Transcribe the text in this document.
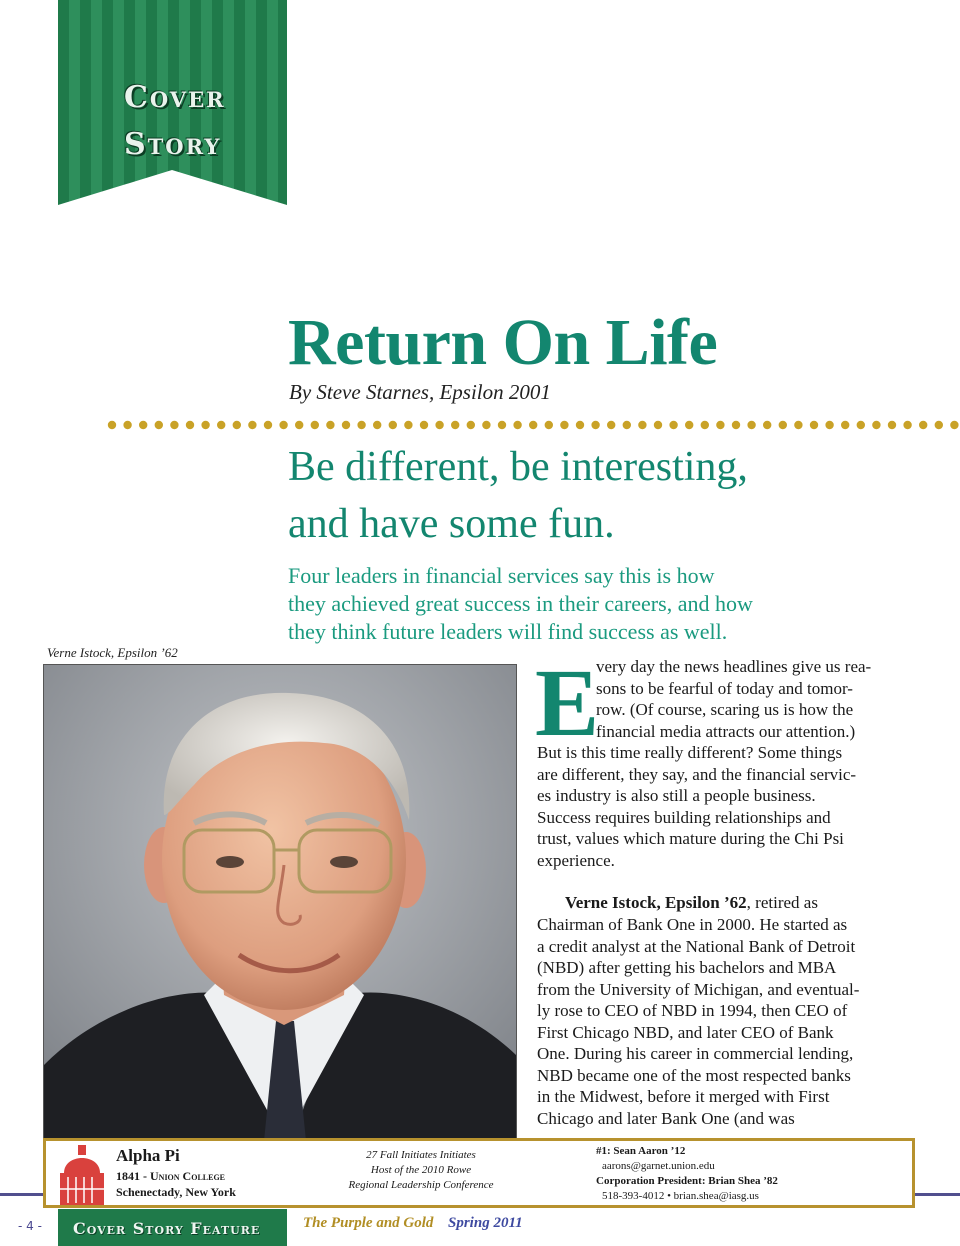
Cover
Story
Return On Life
By Steve Starnes, Epsilon 2001
Be different, be interesting,
and have some fun.
Four leaders in financial services say this is how
they achieved great success in their careers, and how
they think future leaders will find success as well.
Verne Istock, Epsilon ’62	E
very day the news headlines give us rea-
sons to be fearful of today and tomor-
row. (Of course, scaring us is how the
financial media attracts our attention.)
But is this time really different? Some things
are different, they say, and the financial servic-
es industry is also still a people business.
Success requires building relationships and
trust, values which mature during the Chi Psi
experience.
Verne Istock, Epsilon ’62, retired as
Chairman of Bank One in 2000. He started as
a credit analyst at the National Bank of Detroit
(NBD) after getting his bachelors and MBA
from the University of Michigan, and eventual-
ly rose to CEO of NBD in 1994, then CEO of
First Chicago NBD, and later CEO of Bank
One. During his career in commercial lending,
NBD became one of the most respected banks
in the Midwest, before it merged with First
Chicago and later Bank One (and was
Alpha Pi
1841 - Union College
Schenectady, New York
27 Fall Initiates Initiates
Host of the 2010 Rowe
Regional Leadership Conference
#1: Sean Aaron ’12
aarons@garnet.union.edu
Corporation President: Brian Shea ’82
518-393-4012 • brian.shea@iasg.us
- 4 - Cover Story Feature	The Purple and Gold Spring 2011
